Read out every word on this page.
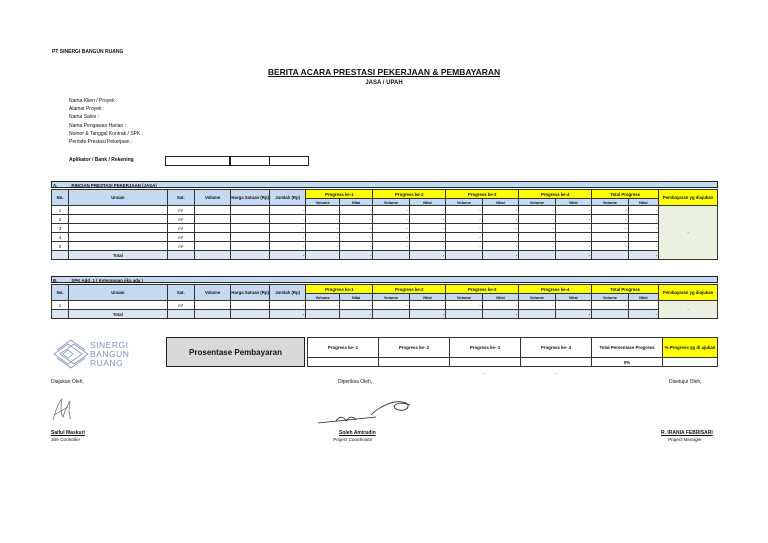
PT SINERGI BANGUN RUANG
BERITA ACARA PRESTASI PEKERJAAN & PEMBAYARAN
JASA / UPAH
Nama Klien / Proyek :
Alamat Proyek :
Nama Sales :
Nama Pengawas Harian :
Nomor & Tanggal Kontrak / SPK :
Periode Prestasi Pekerjaan :
Aplikator / Bank / Rekening
A.	RINCIAN PRESTASI PEKERJAAN (JASA)
No.	Uraian	Sat.	Volume	Harga Satuan (Rp)	Jumlah (Rp)	Progress ke-1		Progress ke-2		Progress ke-3		Progress ke-4		Total Progress		Pembayaran yg diajukan
						Volume	Nilai	Volume	Nilai	Volume	Nilai	Volume	Nilai	Volume	Nilai	
1		m²			-	-	-	-	-	-	-	-	-	-	-	-
2		m²			-	-	-	-	-	-	-	-	-	-	-	
3		m²			-	-	-	-	-	-	-	-	-	-	-	
4		m²			-	-	-	-	-	-	-	-	-	-	-	
5		m²			-	-	-	-	-	-	-	-	-	-	-	
	Total				-		-		-		-		-		-	
B.	SPK Add .1 ( Keterangan jika ada )
No.	Uraian	Sat.	Volume	Harga Satuan (Rp)	Jumlah (Rp)	Progress ke-1		Progress ke-2		Progress ke-3		Progress ke-4		Total Progress		Pembayaran yg diajukan
						Volume	Nilai	Volume	Nilai	Volume	Nilai	Volume	Nilai	Volume	Nilai	
1		m²			-	-	-	-	-	-	-	-	-	-	-	-
	Total				-		-		-		-		-		-	
SINERGI
BANGUN
RUANG
Prosentase Pembayaran
Progress ke- 1	Progress ke- 2	Progress ke- 3	Progress ke- 4	Total Persentase Progress	% Progress yg di ajukan
				0%	
.	.
Diajukan Oleh,	Diperiksa Oleh,	Disetujui Oleh,
Saiful Maskuri
Site Controller
Soleh Amirudin
Project Coordinator
R. IRANIA FEBRISARI
Project Manager
